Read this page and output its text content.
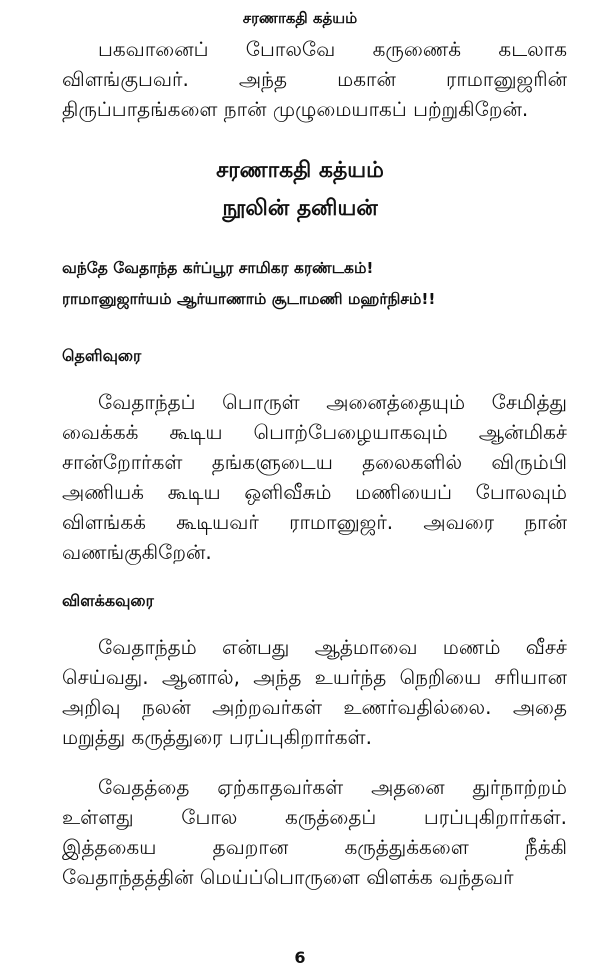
சரணாகதி கத்யம்
பகவானைப் போலவே கருணைக் கடலாக
விளங்குபவர். அந்த மகான் ராமானுஜரின்
திருப்பாதங்களை நான் முழுமையாகப் பற்றுகிறேன்.
சரணாகதி கத்யம்
நூலின் தனியன்
வந்தே வேதாந்த கர்ப்பூர சாமிகர கரண்டகம்!
ராமானுஜார்யம் ஆர்யாணாம் சூடாமணி மஹர்நிசம்!!
தெளிவுரை
வேதாந்தப் பொருள் அனைத்தையும் சேமித்து
வைக்கக் கூடிய பொற்பேழையாகவும் ஆன்மிகச்
சான்றோர்கள் தங்களுடைய தலைகளில் விரும்பி
அணியக் கூடிய ஒளிவீசும் மணியைப் போலவும்
விளங்கக் கூடியவர் ராமானுஜர். அவரை நான்
வணங்குகிறேன்.
விளக்கவுரை
வேதாந்தம் என்பது ஆத்மாவை மணம் வீசச்
செய்வது. ஆனால், அந்த உயர்ந்த நெறியை சரியான
அறிவு நலன் அற்றவர்கள் உணர்வதில்லை. அதை
மறுத்து கருத்துரை பரப்புகிறார்கள்.
வேதத்தை ஏற்காதவர்கள் அதனை துர்நாற்றம்
உள்ளது போல கருத்தைப் பரப்புகிறார்கள்.
இத்தகைய தவறான கருத்துக்களை நீக்கி
வேதாந்தத்தின் மெய்ப்பொருளை விளக்க வந்தவர்
6
